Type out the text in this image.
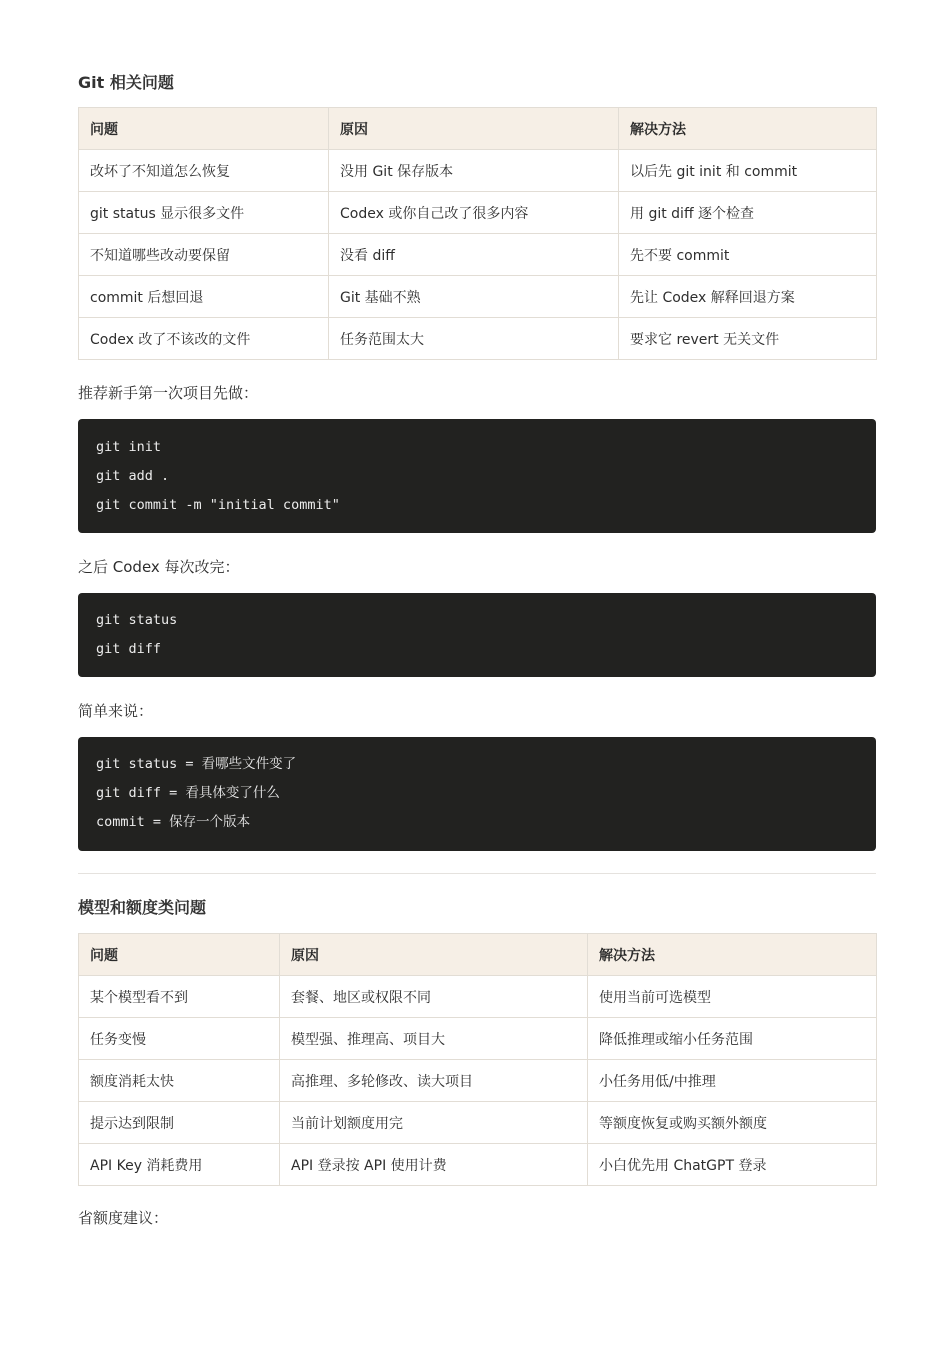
Git 相关问题
问题	原因	解决方法
改坏了不知道怎么恢复	没用 Git 保存版本	以后先 git init 和 commit
git status 显示很多文件	Codex 或你自己改了很多内容	用 git diff 逐个检查
不知道哪些改动要保留	没看 diff	先不要 commit
commit 后想回退	Git 基础不熟	先让 Codex 解释回退方案
Codex 改了不该改的文件	任务范围太大	要求它 revert 无关文件

推荐新手第一次项目先做：

git init
git add .
git commit -m "initial commit"

之后 Codex 每次改完：

git status
git diff

简单来说：

git status = 看哪些文件变了
git diff = 看具体变了什么
commit = 保存一个版本
模型和额度类问题
问题	原因	解决方法
某个模型看不到	套餐、地区或权限不同	使用当前可选模型
任务变慢	模型强、推理高、项目大	降低推理或缩小任务范围
额度消耗太快	高推理、多轮修改、读大项目	小任务用低/中推理
提示达到限制	当前计划额度用完	等额度恢复或购买额外额度
API Key 消耗费用	API 登录按 API 使用计费	小白优先用 ChatGPT 登录

省额度建议：
